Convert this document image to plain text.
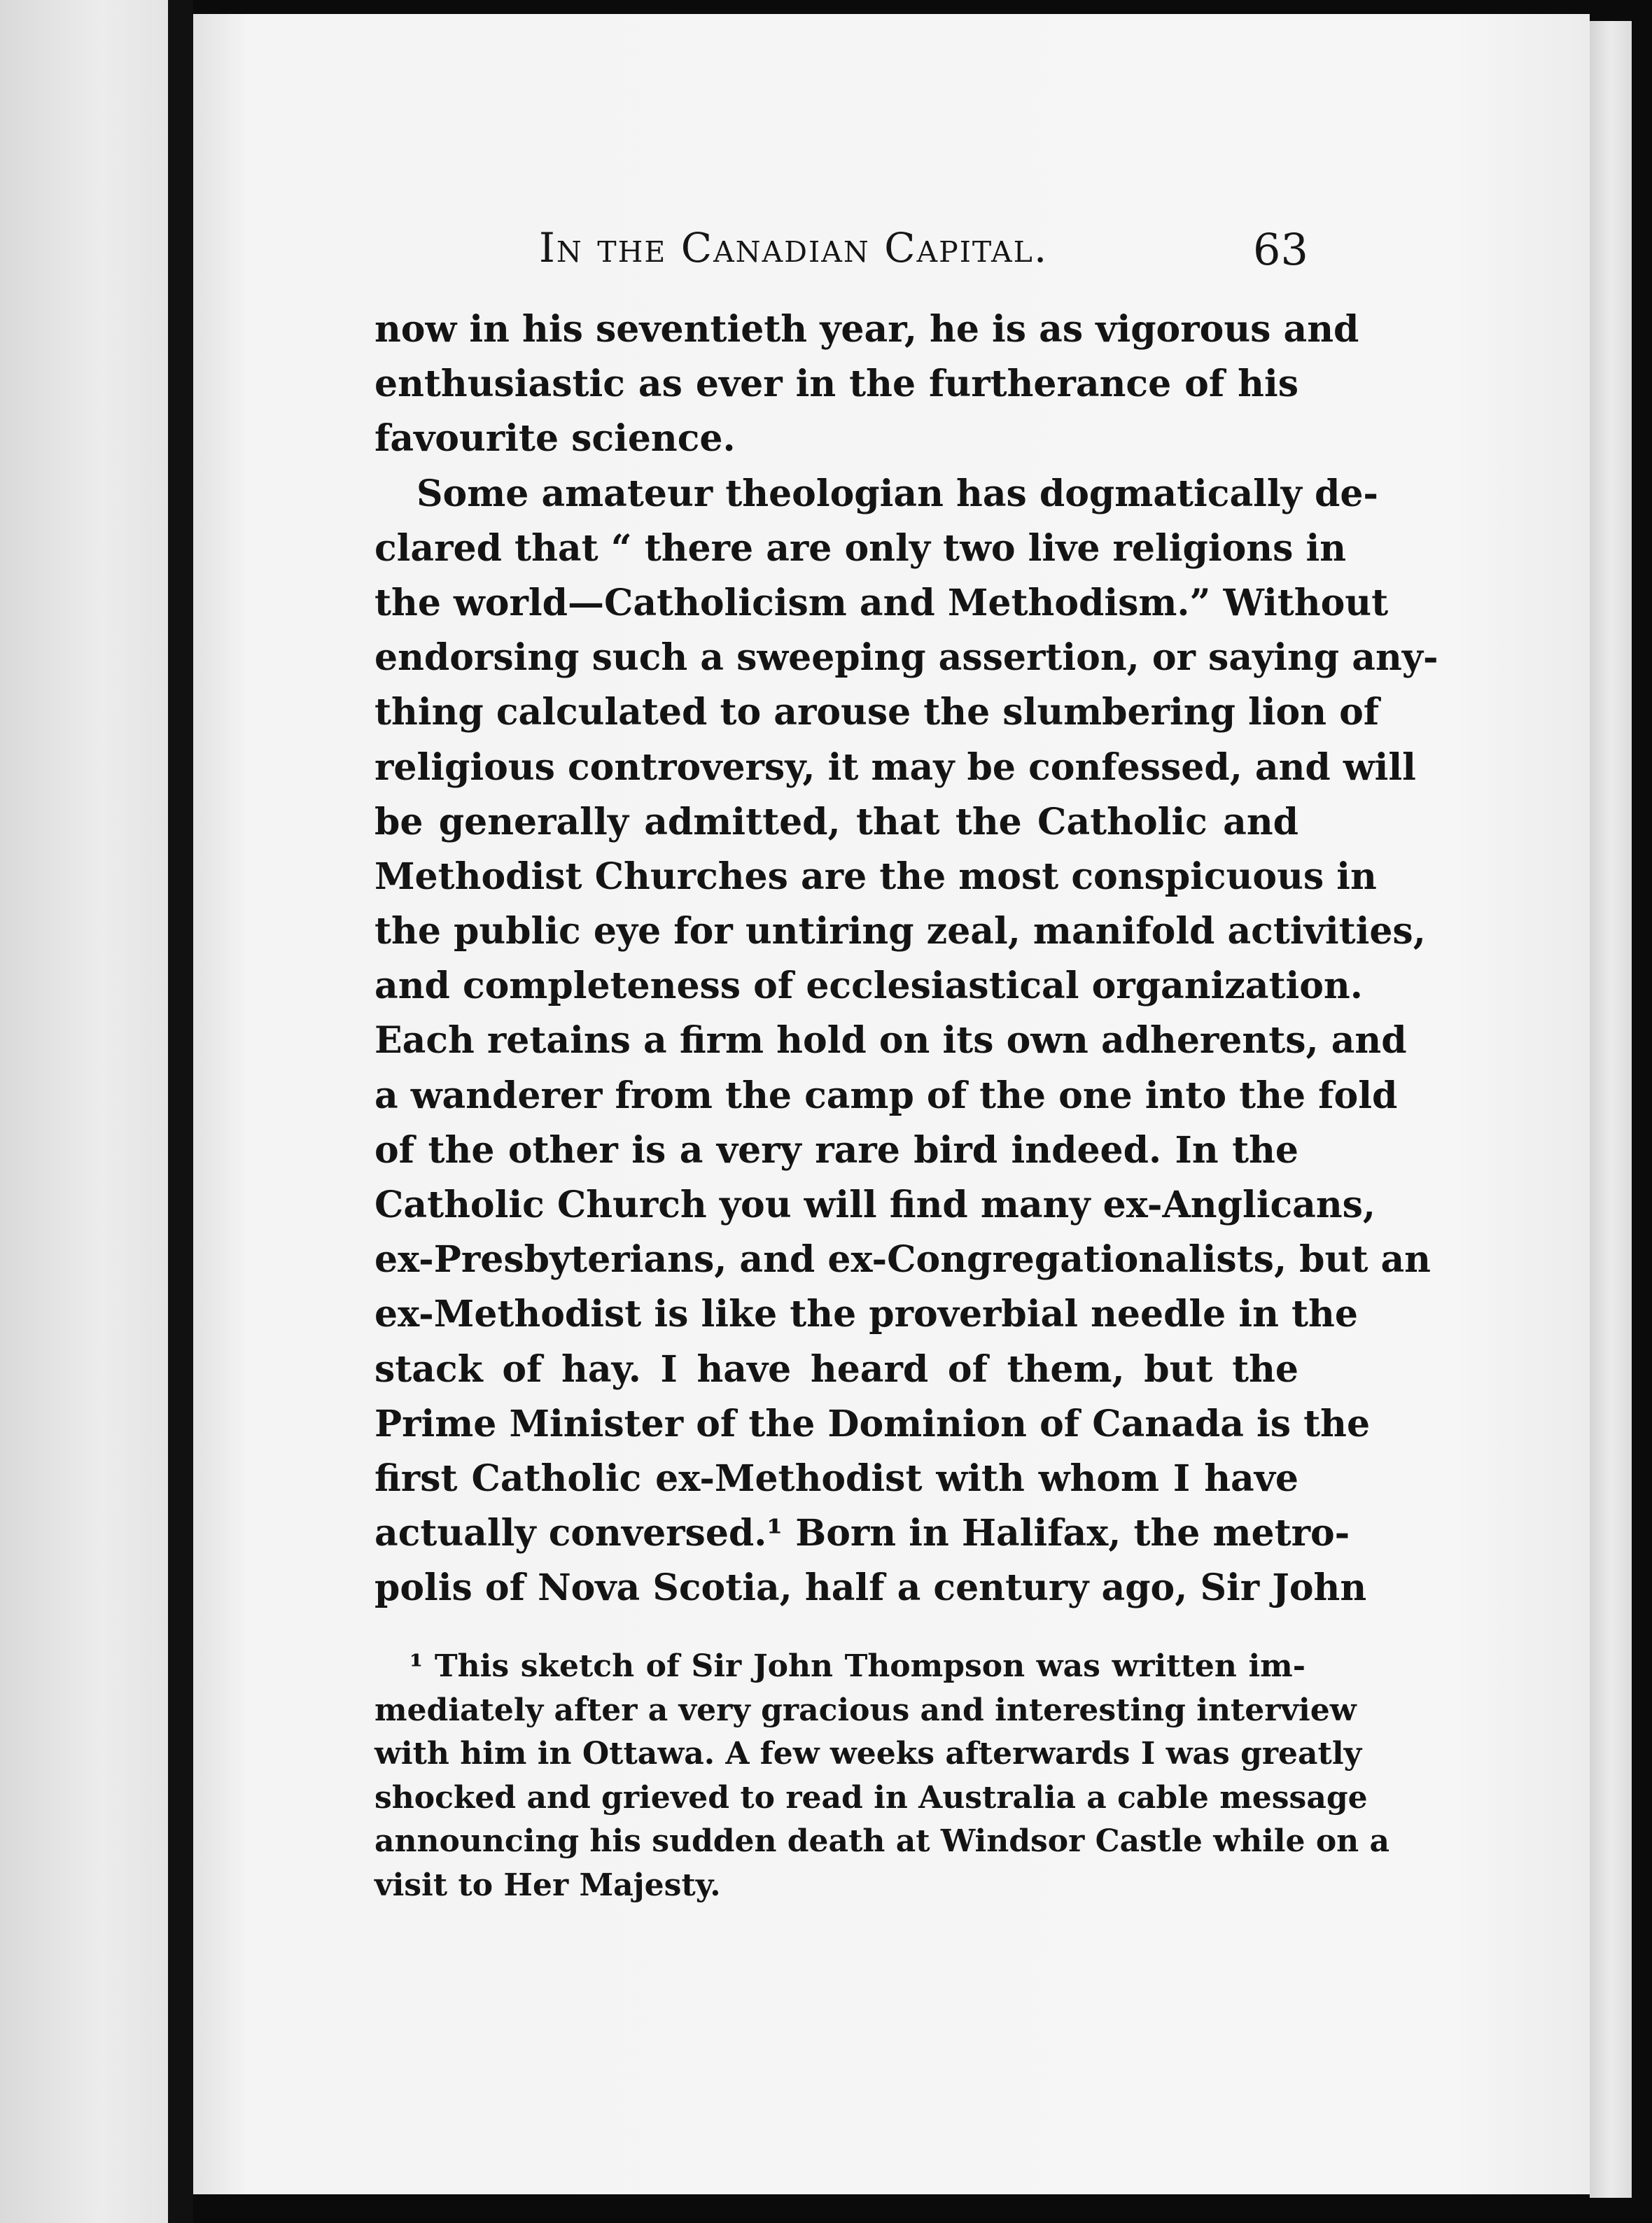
In the Canadian Capital.	63
now in his seventieth year, he is as vigorous and
enthusiastic as ever in the furtherance of his
favourite science.
Some amateur theologian has dogmatically de-
clared that “ there are only two live religions in
the world—Catholicism and Methodism.” Without
endorsing such a sweeping assertion, or saying any-
thing calculated to arouse the slumbering lion of
religious controversy, it may be confessed, and will
be generally admitted, that the Catholic and
Methodist Churches are the most conspicuous in
the public eye for untiring zeal, manifold activities,
and completeness of ecclesiastical organization.
Each retains a firm hold on its own adherents, and
a wanderer from the camp of the one into the fold
of the other is a very rare bird indeed. In the
Catholic Church you will find many ex-Anglicans,
ex-Presbyterians, and ex-Congregationalists, but an
ex-Methodist is like the proverbial needle in the
stack of hay. I have heard of them, but the
Prime Minister of the Dominion of Canada is the
first Catholic ex-Methodist with whom I have
actually conversed.¹ Born in Halifax, the metro-
polis of Nova Scotia, half a century ago, Sir John
¹ This sketch of Sir John Thompson was written im-
mediately after a very gracious and interesting interview
with him in Ottawa. A few weeks afterwards I was greatly
shocked and grieved to read in Australia a cable message
announcing his sudden death at Windsor Castle while on a
visit to Her Majesty.
